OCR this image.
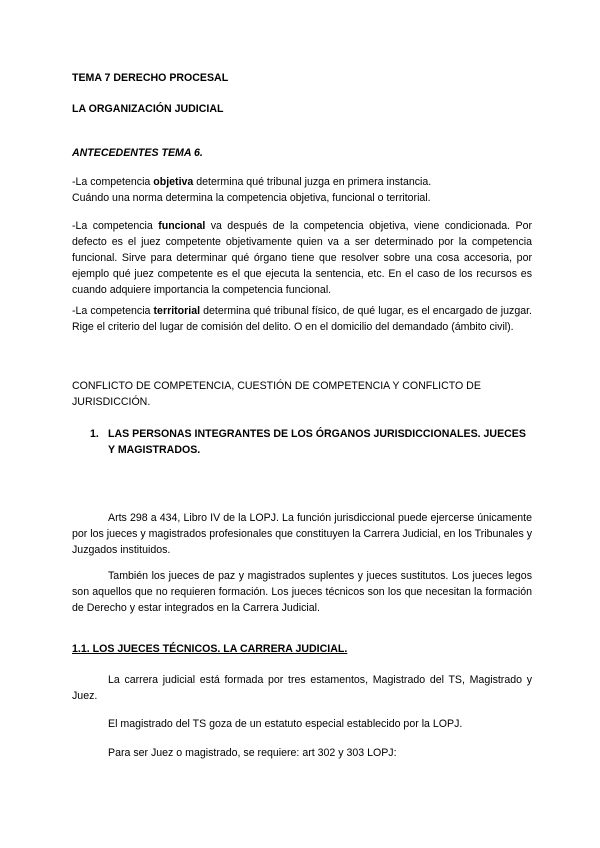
TEMA 7 DERECHO PROCESAL

LA ORGANIZACIÓN JUDICIAL

ANTECEDENTES TEMA 6.

-La competencia objetiva determina qué tribunal juzga en primera instancia.

Cuándo una norma determina la competencia objetiva, funcional o territorial.

-La competencia funcional va después de la competencia objetiva, viene condicionada. Por defecto es el juez competente objetivamente quien va a ser determinado por la competencia funcional. Sirve para determinar qué órgano tiene que resolver sobre una cosa accesoria, por ejemplo qué juez competente es el que ejecuta la sentencia, etc. En el caso de los recursos es cuando adquiere importancia la competencia funcional.

-La competencia territorial determina qué tribunal físico, de qué lugar, es el encargado de juzgar. Rige el criterio del lugar de comisión del delito. O en el domicilio del demandado (ámbito civil).

CONFLICTO DE COMPETENCIA, CUESTIÓN DE COMPETENCIA Y CONFLICTO DE JURISDICCIÓN.

1. LAS PERSONAS INTEGRANTES DE LOS ÓRGANOS JURISDICCIONALES. JUECES Y MAGISTRADOS.

Arts 298 a 434, Libro IV de la LOPJ. La función jurisdiccional puede ejercerse únicamente por los jueces y magistrados profesionales que constituyen la Carrera Judicial, en los Tribunales y Juzgados instituidos.

También los jueces de paz y magistrados suplentes y jueces sustitutos. Los jueces legos son aquellos que no requieren formación. Los jueces técnicos son los que necesitan la formación de Derecho y estar integrados en la Carrera Judicial.

1.1. LOS JUECES TÉCNICOS. LA CARRERA JUDICIAL.

La carrera judicial está formada por tres estamentos, Magistrado del TS, Magistrado y Juez.

El magistrado del TS goza de un estatuto especial establecido por la LOPJ.

Para ser Juez o magistrado, se requiere: art 302 y 303 LOPJ:
